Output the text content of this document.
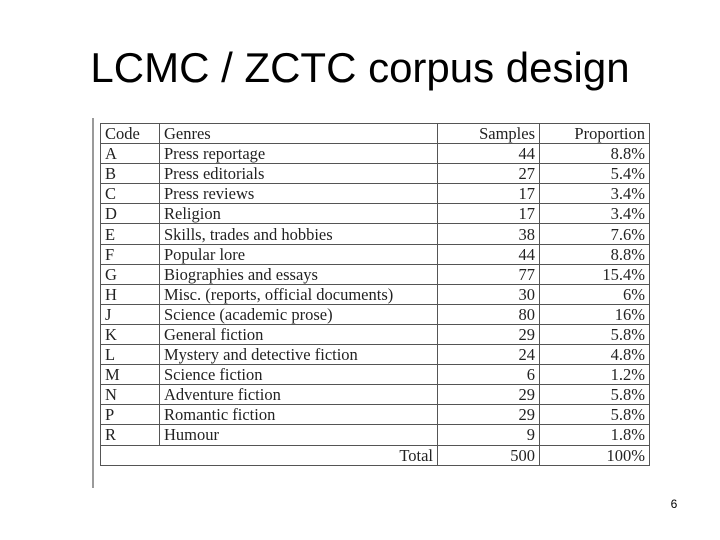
LCMC / ZCTC corpus design
Code	Genres	Samples	Proportion
A	Press reportage	44	8.8%
B	Press editorials	27	5.4%
C	Press reviews	17	3.4%
D	Religion	17	3.4%
E	Skills, trades and hobbies	38	7.6%
F	Popular lore	44	8.8%
G	Biographies and essays	77	15.4%
H	Misc. (reports, official documents)	30	6%
J	Science (academic prose)	80	16%
K	General fiction	29	5.8%
L	Mystery and detective fiction	24	4.8%
M	Science fiction	6	1.2%
N	Adventure fiction	29	5.8%
P	Romantic fiction	29	5.8%
R	Humour	9	1.8%
Total		500	100%
6
